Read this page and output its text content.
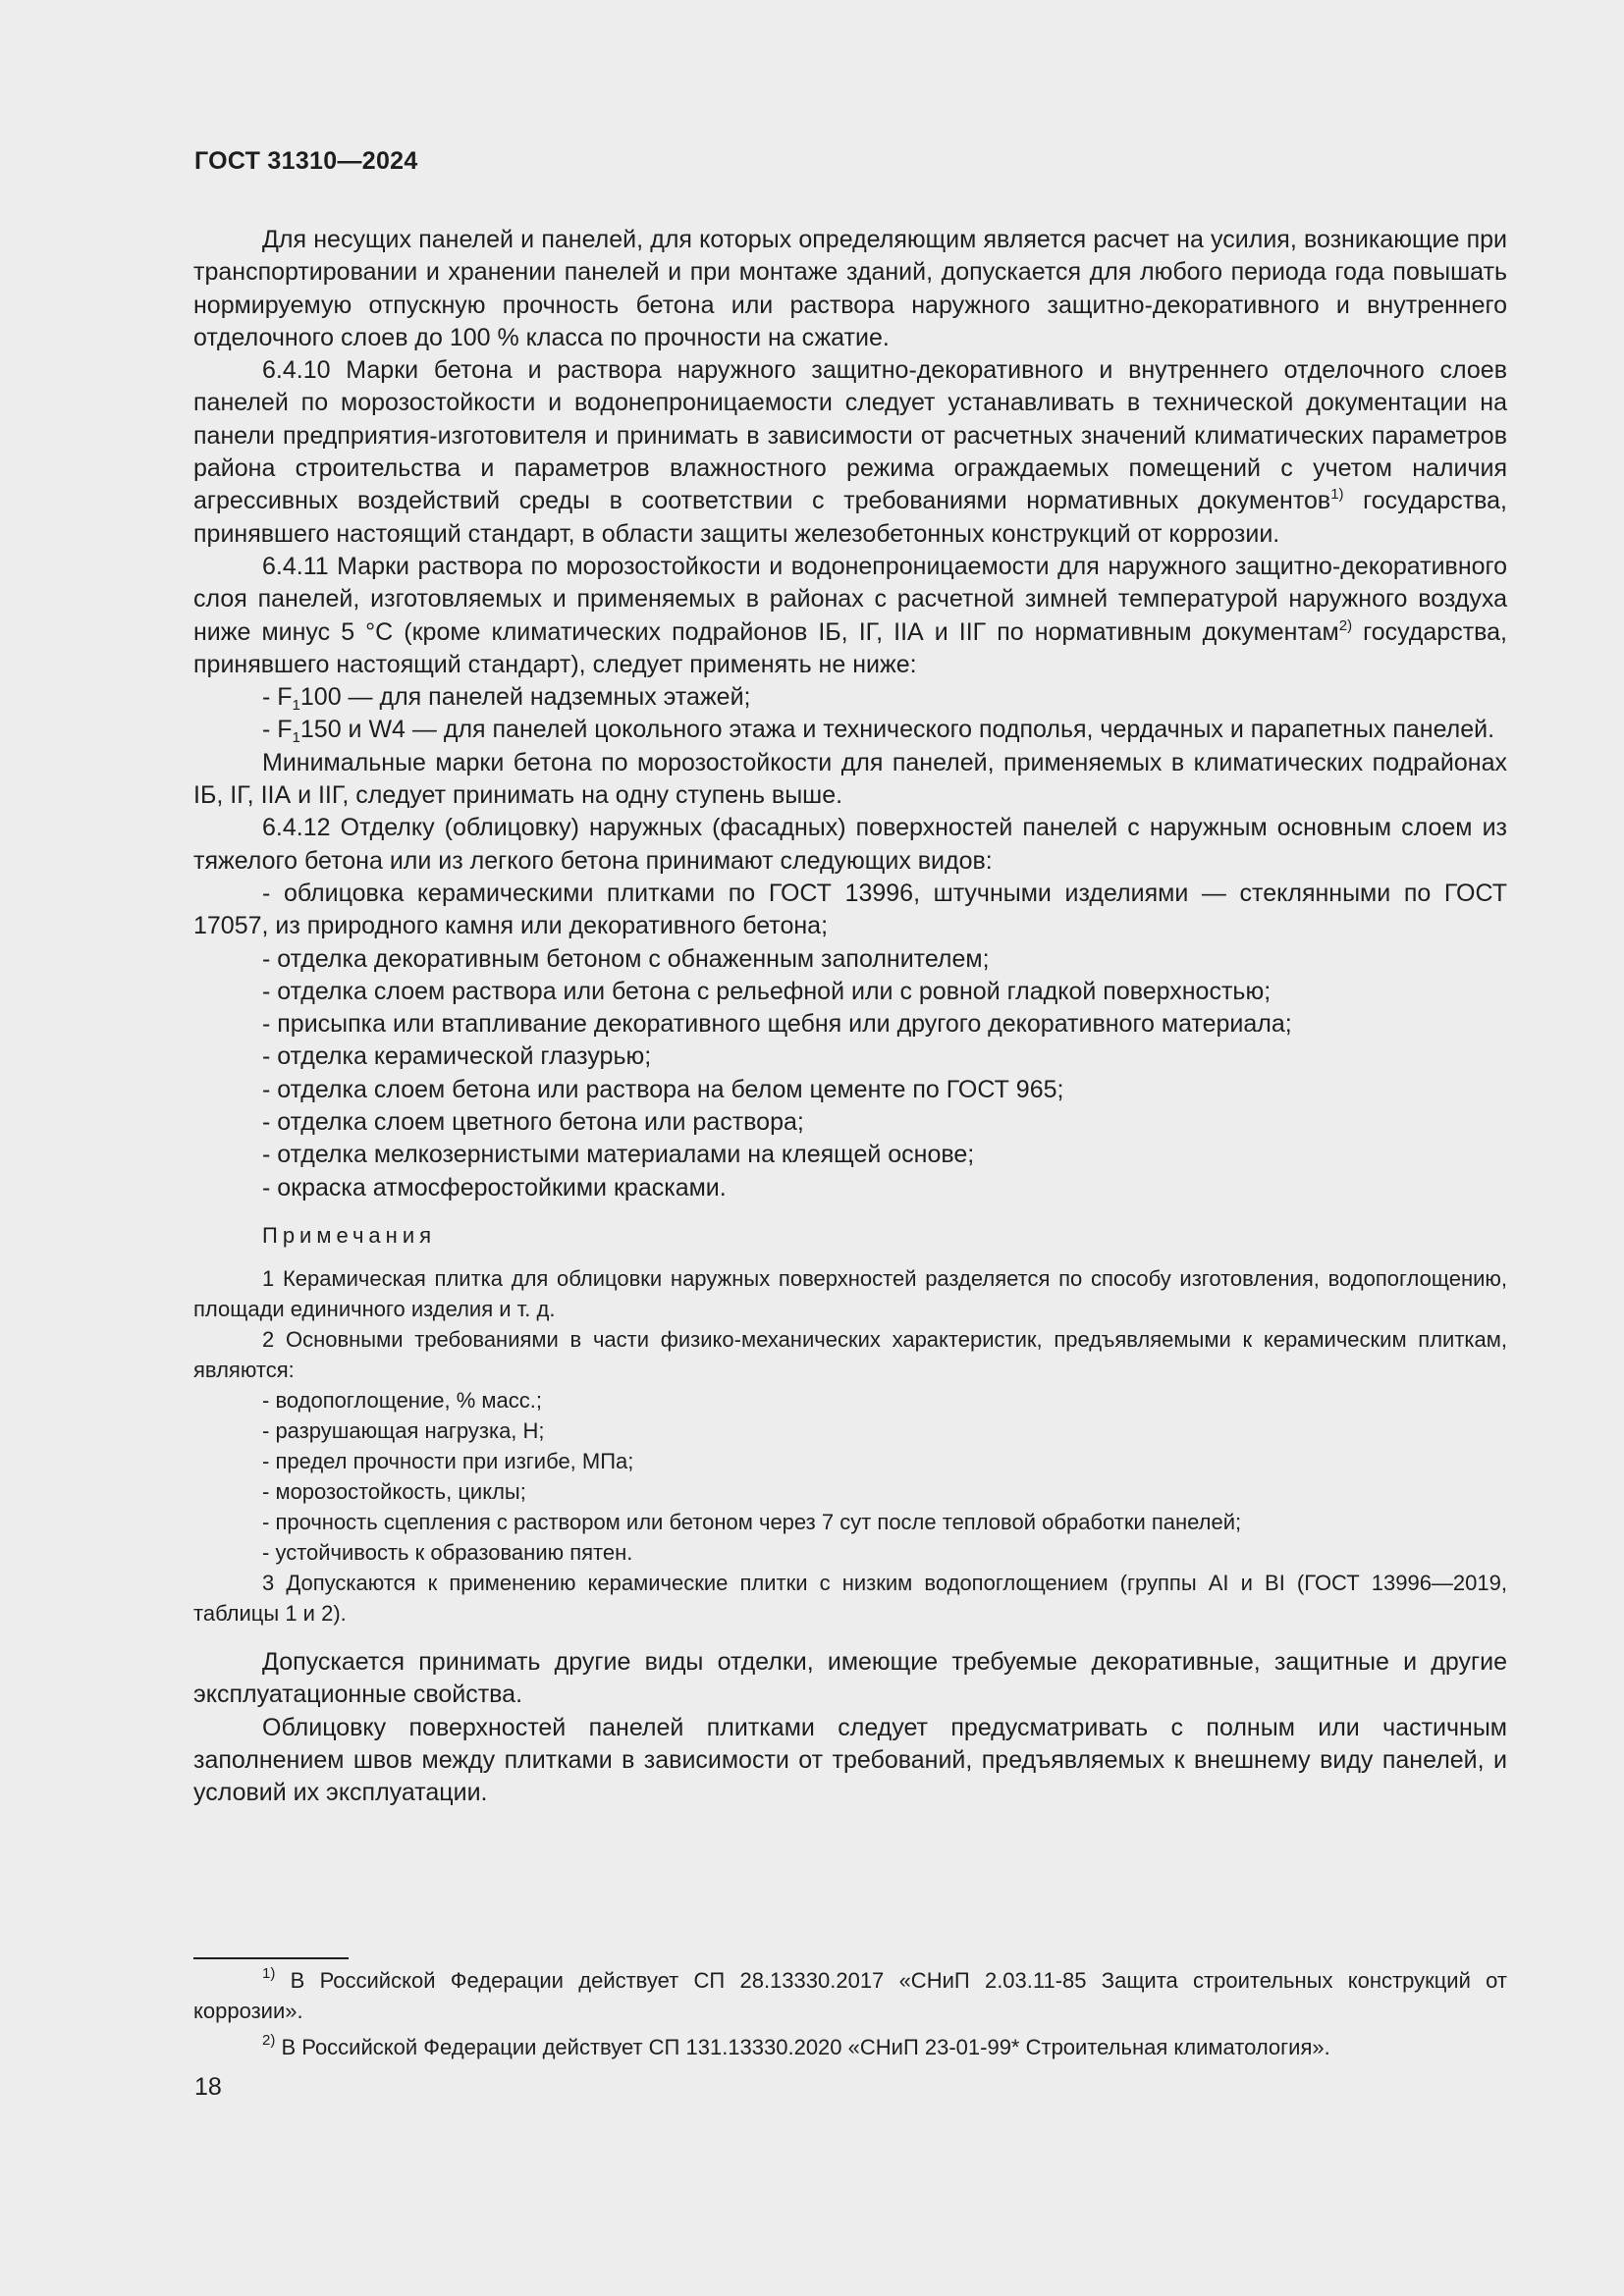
ГОСТ 31310—2024

Для несущих панелей и панелей, для которых определяющим является расчет на усилия, возникающие при транспортировании и хранении панелей и при монтаже зданий, допускается для любого периода года повышать нормируемую отпускную прочность бетона или раствора наружного защитно-декоративного и внутреннего отделочного слоев до 100 % класса по прочности на сжатие.

6.4.10 Марки бетона и раствора наружного защитно-декоративного и внутреннего отделочного слоев панелей по морозостойкости и водонепроницаемости следует устанавливать в технической документации на панели предприятия-изготовителя и принимать в зависимости от расчетных значений климатических параметров района строительства и параметров влажностного режима ограждаемых помещений с учетом наличия агрессивных воздействий среды в соответствии с требованиями нормативных документов$^{1)}$ государства, принявшего настоящий стандарт, в области защиты железобетонных конструкций от коррозии.

6.4.11 Марки раствора по морозостойкости и водонепроницаемости для наружного защитно-декоративного слоя панелей, изготовляемых и применяемых в районах с расчетной зимней температурой наружного воздуха ниже минус 5 °С (кроме климатических подрайонов IБ, IГ, IIА и IIГ по нормативным документам$^{2)}$ государства, принявшего настоящий стандарт), следует применять не ниже:

- $F_1100$ — для панелей надземных этажей;

- $F_1150$ и W4 — для панелей цокольного этажа и технического подполья, чердачных и парапетных панелей.

Минимальные марки бетона по морозостойкости для панелей, применяемых в климатических подрайонах IБ, IГ, IIА и IIГ, следует принимать на одну ступень выше.

6.4.12 Отделку (облицовку) наружных (фасадных) поверхностей панелей с наружным основным слоем из тяжелого бетона или из легкого бетона принимают следующих видов:

- облицовка керамическими плитками по ГОСТ 13996, штучными изделиями — стеклянными по ГОСТ 17057, из природного камня или декоративного бетона;

- отделка декоративным бетоном с обнаженным заполнителем;

- отделка слоем раствора или бетона с рельефной или с ровной гладкой поверхностью;

- присыпка или втапливание декоративного щебня или другого декоративного материала;

- отделка керамической глазурью;

- отделка слоем бетона или раствора на белом цементе по ГОСТ 965;

- отделка слоем цветного бетона или раствора;

- отделка мелкозернистыми материалами на клеящей основе;

- окраска атмосферостойкими красками.

Примечания

1 Керамическая плитка для облицовки наружных поверхностей разделяется по способу изготовления, водопоглощению, площади единичного изделия и т. д.

2 Основными требованиями в части физико-механических характеристик, предъявляемыми к керамическим плиткам, являются:

- водопоглощение, % масс.;

- разрушающая нагрузка, Н;

- предел прочности при изгибе, МПа;

- морозостойкость, циклы;

- прочность сцепления с раствором или бетоном через 7 сут после тепловой обработки панелей;

- устойчивость к образованию пятен.

3 Допускаются к применению керамические плитки с низким водопоглощением (группы AI и BI (ГОСТ 13996—2019, таблицы 1 и 2).

Допускается принимать другие виды отделки, имеющие требуемые декоративные, защитные и другие эксплуатационные свойства.

Облицовку поверхностей панелей плитками следует предусматривать с полным или частичным заполнением швов между плитками в зависимости от требований, предъявляемых к внешнему виду панелей, и условий их эксплуатации.

$^{1)}$ В Российской Федерации действует СП 28.13330.2017 «СНиП 2.03.11-85 Защита строительных конструкций от коррозии».

$^{2)}$ В Российской Федерации действует СП 131.13330.2020 «СНиП 23-01-99* Строительная климатология».

18
